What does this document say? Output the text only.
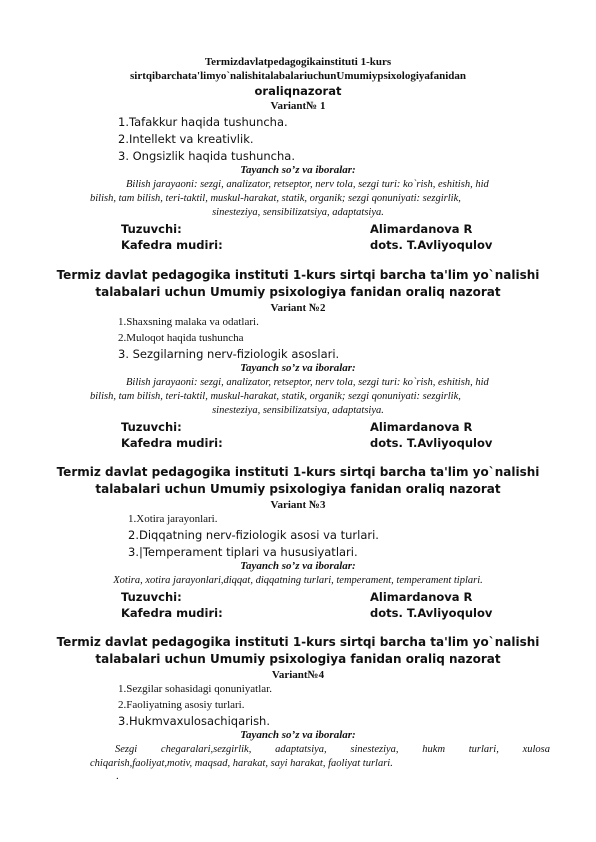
Termizdavlatpedagogikainstituti 1-kurs
sirtqibarchata'limyo`nalishitalabalariuchunUmumiypsixologiyafanidan
oraliqnazorat
Variant№ 1
1.Tafakkur haqida tushuncha.
2.Intellekt va kreativlik.
3. Ongsizlik haqida tushuncha.
Tayanch so’z va iboralar:
Bilish jarayaoni: sezgi, analizator, retseptor, nerv tola, sezgi turi: ko`rish, eshitish, hid
bilish, tam bilish, teri-taktil, muskul-harakat, statik, organik; sezgi qonuniyati: sezgirlik,
sinesteziya, sensibilizatsiya, adaptatsiya.
Tuzuvchi:	Alimardanova R
Kafedra mudiri:	dots. T.Avliyoqulov
Termiz davlat pedagogika instituti 1-kurs sirtqi barcha ta'lim yo`nalishi
talabalari uchun Umumiy psixologiya fanidan oraliq nazorat
Variant №2
1.Shaxsning malaka va odatlari.
2.Muloqot haqida tushuncha
3. Sezgilarning nerv-fiziologik asoslari.
Tayanch so’z va iboralar:
Bilish jarayaoni: sezgi, analizator, retseptor, nerv tola, sezgi turi: ko`rish, eshitish, hid
bilish, tam bilish, teri-taktil, muskul-harakat, statik, organik; sezgi qonuniyati: sezgirlik,
sinesteziya, sensibilizatsiya, adaptatsiya.
Tuzuvchi:	Alimardanova R
Kafedra mudiri:	dots. T.Avliyoqulov
Termiz davlat pedagogika instituti 1-kurs sirtqi barcha ta'lim yo`nalishi
talabalari uchun Umumiy psixologiya fanidan oraliq nazorat
Variant №3
1.Xotira jarayonlari.
2.Diqqatning nerv-fiziologik asosi va turlari.
3.|Temperament tiplari va hususiyatlari.
Tayanch so’z va iboralar:
Xotira, xotira jarayonlari,diqqat, diqqatning turlari, temperament, temperament tiplari.
Tuzuvchi:	Alimardanova R
Kafedra mudiri:	dots. T.Avliyoqulov
Termiz davlat pedagogika instituti 1-kurs sirtqi barcha ta'lim yo`nalishi
talabalari uchun Umumiy psixologiya fanidan oraliq nazorat
Variant№4
1.Sezgilar sohasidagi qonuniyatlar.
2.Faoliyatning asosiy turlari.
3.Hukmvaxulosachiqarish.
Tayanch so’z va iboralar:
Sezgi chegaralari,sezgirlik, adaptatsiya, sinesteziya, hukm turlari, xulosa
chiqarish,faoliyat,motiv, maqsad, harakat, sayi harakat, faoliyat turlari.
.
